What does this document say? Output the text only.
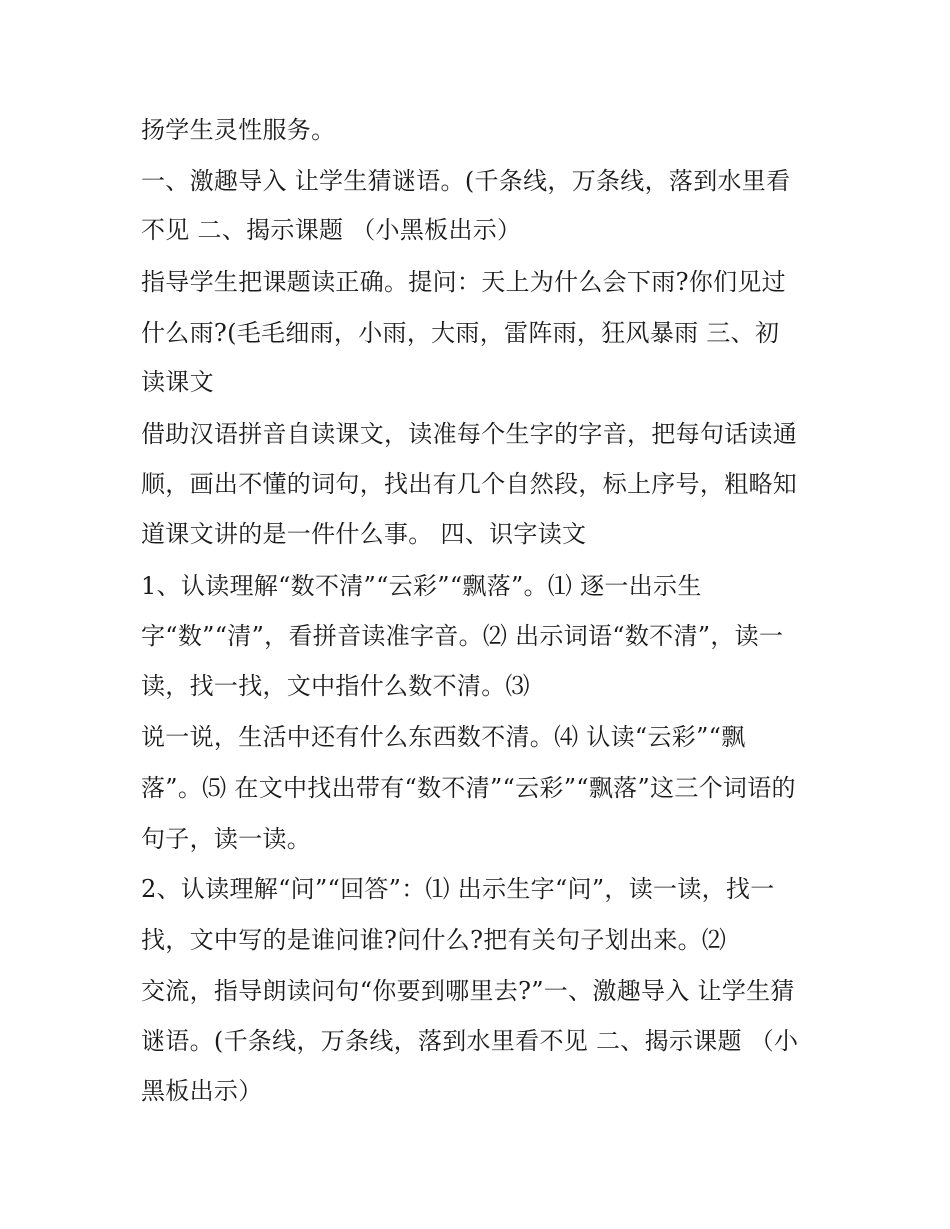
扬学生灵性服务。

一、激趣导入 让学生猜谜语。(千条线，万条线，落到水里看

不见 二、揭示课题 （小黑板出示）

指导学生把课题读正确。提问：天上为什么会下雨?你们见过

什么雨?(毛毛细雨，小雨，大雨，雷阵雨，狂风暴雨 三、初

读课文

借助汉语拼音自读课文，读准每个生字的字音，把每句话读通

顺，画出不懂的词句，找出有几个自然段，标上序号，粗略知

道课文讲的是一件什么事。 四、识字读文

1、认读理解“数不清”“云彩”“飘落”。⑴ 逐一出示生

字“数”“清”，看拼音读准字音。⑵ 出示词语“数不清”，读一

读，找一找，文中指什么数不清。⑶

说一说，生活中还有什么东西数不清。⑷ 认读“云彩”“飘

落”。⑸ 在文中找出带有“数不清”“云彩”“飘落”这三个词语的

句子，读一读。

2、认读理解“问”“回答”：⑴ 出示生字“问”，读一读，找一

找，文中写的是谁问谁?问什么?把有关句子划出来。⑵

交流，指导朗读问句“你要到哪里去?”一、激趣导入 让学生猜

谜语。(千条线，万条线，落到水里看不见 二、揭示课题 （小

黑板出示）
